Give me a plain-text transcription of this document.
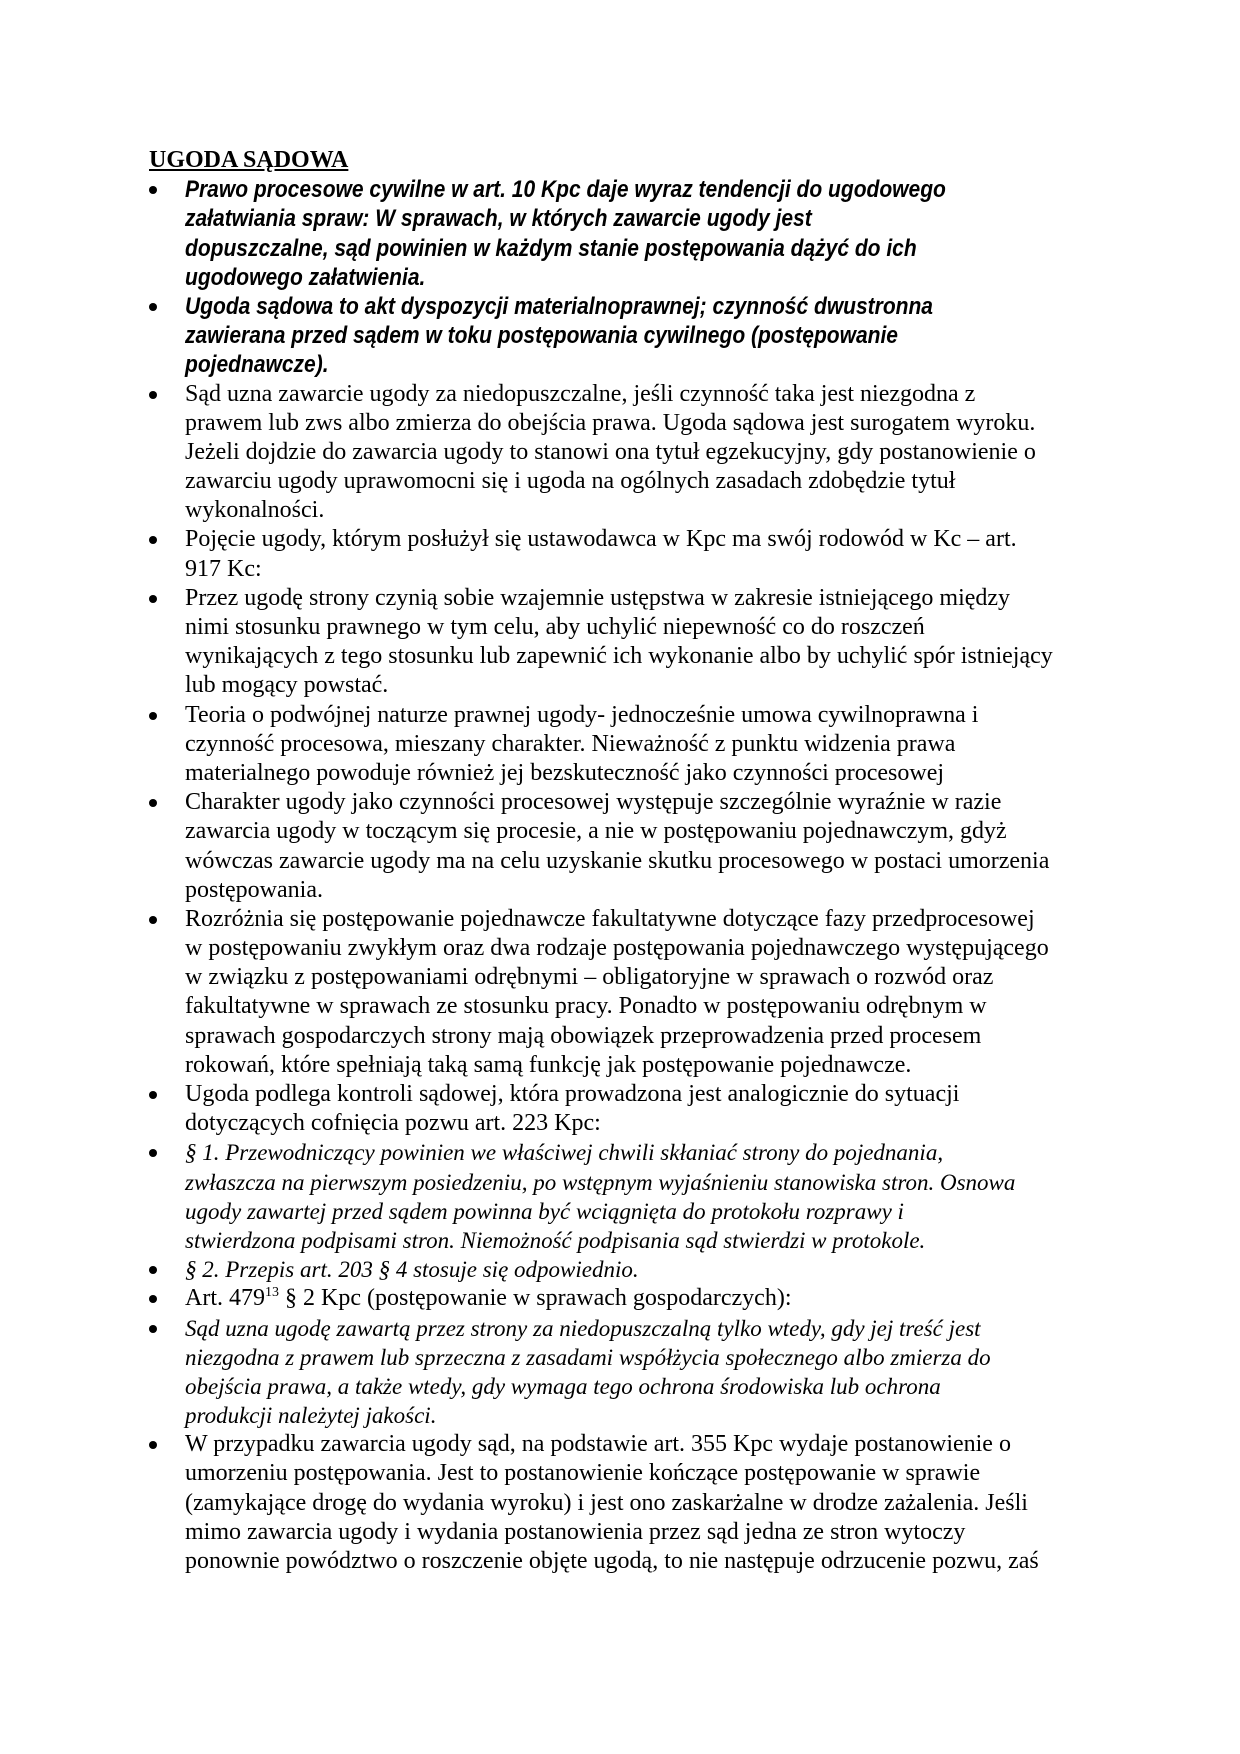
UGODA SĄDOWA
Prawo procesowe cywilne w art. 10 Kpc daje wyraz tendencji do ugodowego
załatwiania spraw: W sprawach, w których zawarcie ugody jest
dopuszczalne, sąd powinien w każdym stanie postępowania dążyć do ich
ugodowego załatwienia.
Ugoda sądowa to akt dyspozycji materialnoprawnej; czynność dwustronna
zawierana przed sądem w toku postępowania cywilnego (postępowanie
pojednawcze).
Sąd uzna zawarcie ugody za niedopuszczalne, jeśli czynność taka jest niezgodna z
prawem lub zws albo zmierza do obejścia prawa. Ugoda sądowa jest surogatem wyroku.
Jeżeli dojdzie do zawarcia ugody to stanowi ona tytuł egzekucyjny, gdy postanowienie o
zawarciu ugody uprawomocni się i ugoda na ogólnych zasadach zdobędzie tytuł
wykonalności.
Pojęcie ugody, którym posłużył się ustawodawca w Kpc ma swój rodowód w Kc – art.
917 Kc:
Przez ugodę strony czynią sobie wzajemnie ustępstwa w zakresie istniejącego między
nimi stosunku prawnego w tym celu, aby uchylić niepewność co do roszczeń
wynikających z tego stosunku lub zapewnić ich wykonanie albo by uchylić spór istniejący
lub mogący powstać.
Teoria o podwójnej naturze prawnej ugody- jednocześnie umowa cywilnoprawna i
czynność procesowa, mieszany charakter. Nieważność z punktu widzenia prawa
materialnego powoduje również jej bezskuteczność jako czynności procesowej
Charakter ugody jako czynności procesowej występuje szczególnie wyraźnie w razie
zawarcia ugody w toczącym się procesie, a nie w postępowaniu pojednawczym, gdyż
wówczas zawarcie ugody ma na celu uzyskanie skutku procesowego w postaci umorzenia
postępowania.
Rozróżnia się postępowanie pojednawcze fakultatywne dotyczące fazy przedprocesowej
w postępowaniu zwykłym oraz dwa rodzaje postępowania pojednawczego występującego
w związku z postępowaniami odrębnymi – obligatoryjne w sprawach o rozwód oraz
fakultatywne w sprawach ze stosunku pracy. Ponadto w postępowaniu odrębnym w
sprawach gospodarczych strony mają obowiązek przeprowadzenia przed procesem
rokowań, które spełniają taką samą funkcję jak postępowanie pojednawcze.
Ugoda podlega kontroli sądowej, która prowadzona jest analogicznie do sytuacji
dotyczących cofnięcia pozwu art. 223 Kpc:
§ 1. Przewodniczący powinien we właściwej chwili skłaniać strony do pojednania,
zwłaszcza na pierwszym posiedzeniu, po wstępnym wyjaśnieniu stanowiska stron. Osnowa
ugody zawartej przed sądem powinna być wciągnięta do protokołu rozprawy i
stwierdzona podpisami stron. Niemożność podpisania sąd stwierdzi w protokole.
§ 2. Przepis art. 203 § 4 stosuje się odpowiednio.
Art. $479^{13}$ § 2 Kpc (postępowanie w sprawach gospodarczych):
Sąd uzna ugodę zawartą przez strony za niedopuszczalną tylko wtedy, gdy jej treść jest
niezgodna z prawem lub sprzeczna z zasadami współżycia społecznego albo zmierza do
obejścia prawa, a także wtedy, gdy wymaga tego ochrona środowiska lub ochrona
produkcji należytej jakości.
W przypadku zawarcia ugody sąd, na podstawie art. 355 Kpc wydaje postanowienie o
umorzeniu postępowania. Jest to postanowienie kończące postępowanie w sprawie
(zamykające drogę do wydania wyroku) i jest ono zaskarżalne w drodze zażalenia. Jeśli
mimo zawarcia ugody i wydania postanowienia przez sąd jedna ze stron wytoczy
ponownie powództwo o roszczenie objęte ugodą, to nie następuje odrzucenie pozwu, zaś
